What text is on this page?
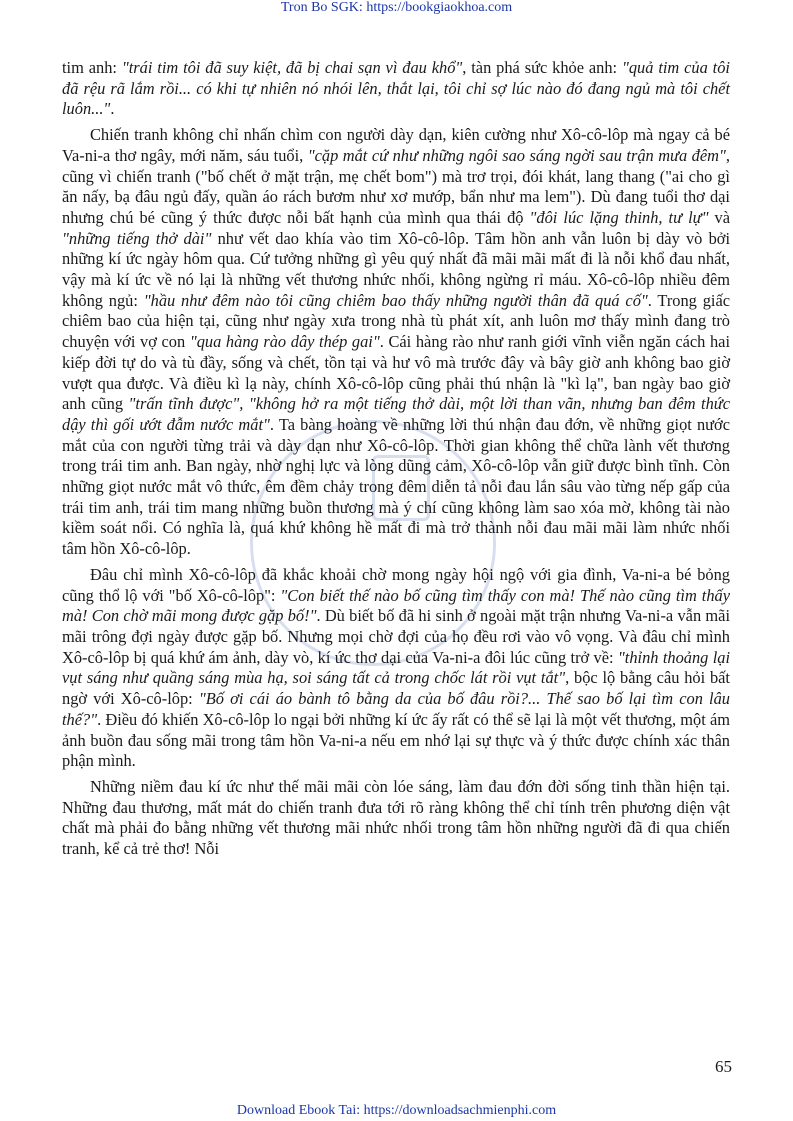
Tron Bo SGK: https://bookgiaokhoa.com

tim anh: "trái tim tôi đã suy kiệt, đã bị chai sạn vì đau khổ", tàn phá sức khỏe anh: "quả tim của tôi đã rệu rã lắm rồi... có khi tự nhiên nó nhói lên, thắt lại, tôi chỉ sợ lúc nào đó đang ngủ mà tôi chết luôn...".

Chiến tranh không chỉ nhấn chìm con người dày dạn, kiên cường như Xô-cô-lôp mà ngay cả bé Va-ni-a thơ ngây, mới năm, sáu tuổi, "cặp mắt cứ như những ngôi sao sáng ngời sau trận mưa đêm", cũng vì chiến tranh ("bố chết ở mặt trận, mẹ chết bom") mà trơ trọi, đói khát, lang thang ("ai cho gì ăn nấy, bạ đâu ngủ đấy, quần áo rách bươm như xơ mướp, bẩn như ma lem"). Dù đang tuổi thơ dại nhưng chú bé cũng ý thức được nỗi bất hạnh của mình qua thái độ "đôi lúc lặng thinh, tư lự" và "những tiếng thở dài" như vết dao khía vào tim Xô-cô-lôp. Tâm hồn anh vẫn luôn bị dày vò bởi những kí ức ngày hôm qua. Cứ tưởng những gì yêu quý nhất đã mãi mãi mất đi là nỗi khổ đau nhất, vậy mà kí ức về nó lại là những vết thương nhức nhối, không ngừng rỉ máu. Xô-cô-lôp nhiều đêm không ngủ: "hầu như đêm nào tôi cũng chiêm bao thấy những người thân đã quá cố". Trong giấc chiêm bao của hiện tại, cũng như ngày xưa trong nhà tù phát xít, anh luôn mơ thấy mình đang trò chuyện với vợ con "qua hàng rào dây thép gai". Cái hàng rào như ranh giới vĩnh viễn ngăn cách hai kiếp đời tự do và tù đầy, sống và chết, tồn tại và hư vô mà trước đây và bây giờ anh không bao giờ vượt qua được. Và điều kì lạ này, chính Xô-cô-lôp cũng phải thú nhận là "kì lạ", ban ngày bao giờ anh cũng "trấn tĩnh được", "không hở ra một tiếng thở dài, một lời than vãn, nhưng ban đêm thức dậy thì gối ướt đẫm nước mắt". Ta bàng hoàng về những lời thú nhận đau đớn, về những giọt nước mắt của con người từng trải và dày dạn như Xô-cô-lôp. Thời gian không thể chữa lành vết thương trong trái tim anh. Ban ngày, nhờ nghị lực và lòng dũng cảm, Xô-cô-lôp vẫn giữ được bình tĩnh. Còn những giọt nước mắt vô thức, êm đềm chảy trong đêm diễn tả nỗi đau lắn sâu vào từng nếp gấp của trái tim anh, trái tim mang những buồn thương mà ý chí cũng không làm sao xóa mờ, không tài nào kiềm soát nổi. Có nghĩa là, quá khứ không hề mất đi mà trở thành nỗi đau mãi mãi làm nhức nhối tâm hồn Xô-cô-lôp.

Đâu chỉ mình Xô-cô-lôp đã khắc khoải chờ mong ngày hội ngộ với gia đình, Va-ni-a bé bỏng cũng thổ lộ với "bố Xô-cô-lôp": "Con biết thế nào bố cũng tìm thấy con mà! Thế nào cũng tìm thấy mà! Con chờ mãi mong được gặp bố!". Dù biết bố đã hi sinh ở ngoài mặt trận nhưng Va-ni-a vẫn mãi mãi trông đợi ngày được gặp bố. Nhưng mọi chờ đợi của họ đều rơi vào vô vọng. Và đâu chỉ mình Xô-cô-lôp bị quá khứ ám ảnh, dày vò, kí ức thơ dại của Va-ni-a đôi lúc cũng trở về: "thỉnh thoảng lại vụt sáng như quầng sáng mùa hạ, soi sáng tất cả trong chốc lát rồi vụt tắt", bộc lộ bằng câu hỏi bất ngờ với Xô-cô-lôp: "Bố ơi cái áo bành tô bằng da của bố đâu rồi?... Thế sao bố lại tìm con lâu thế?". Điều đó khiến Xô-cô-lôp lo ngại bởi những kí ức ấy rất có thể sẽ lại là một vết thương, một ám ảnh buồn đau sống mãi trong tâm hồn Va-ni-a nếu em nhớ lại sự thực và ý thức được chính xác thân phận mình.

Những niềm đau kí ức như thế mãi mãi còn lóe sáng, làm đau đớn đời sống tinh thần hiện tại. Những đau thương, mất mát do chiến tranh đưa tới rõ ràng không thể chỉ tính trên phương diện vật chất mà phải đo bằng những vết thương mãi nhức nhối trong tâm hồn những người đã đi qua chiến tranh, kể cả trẻ thơ! Nỗi

65
Download Ebook Tai: https://downloadsachmienphi.com
